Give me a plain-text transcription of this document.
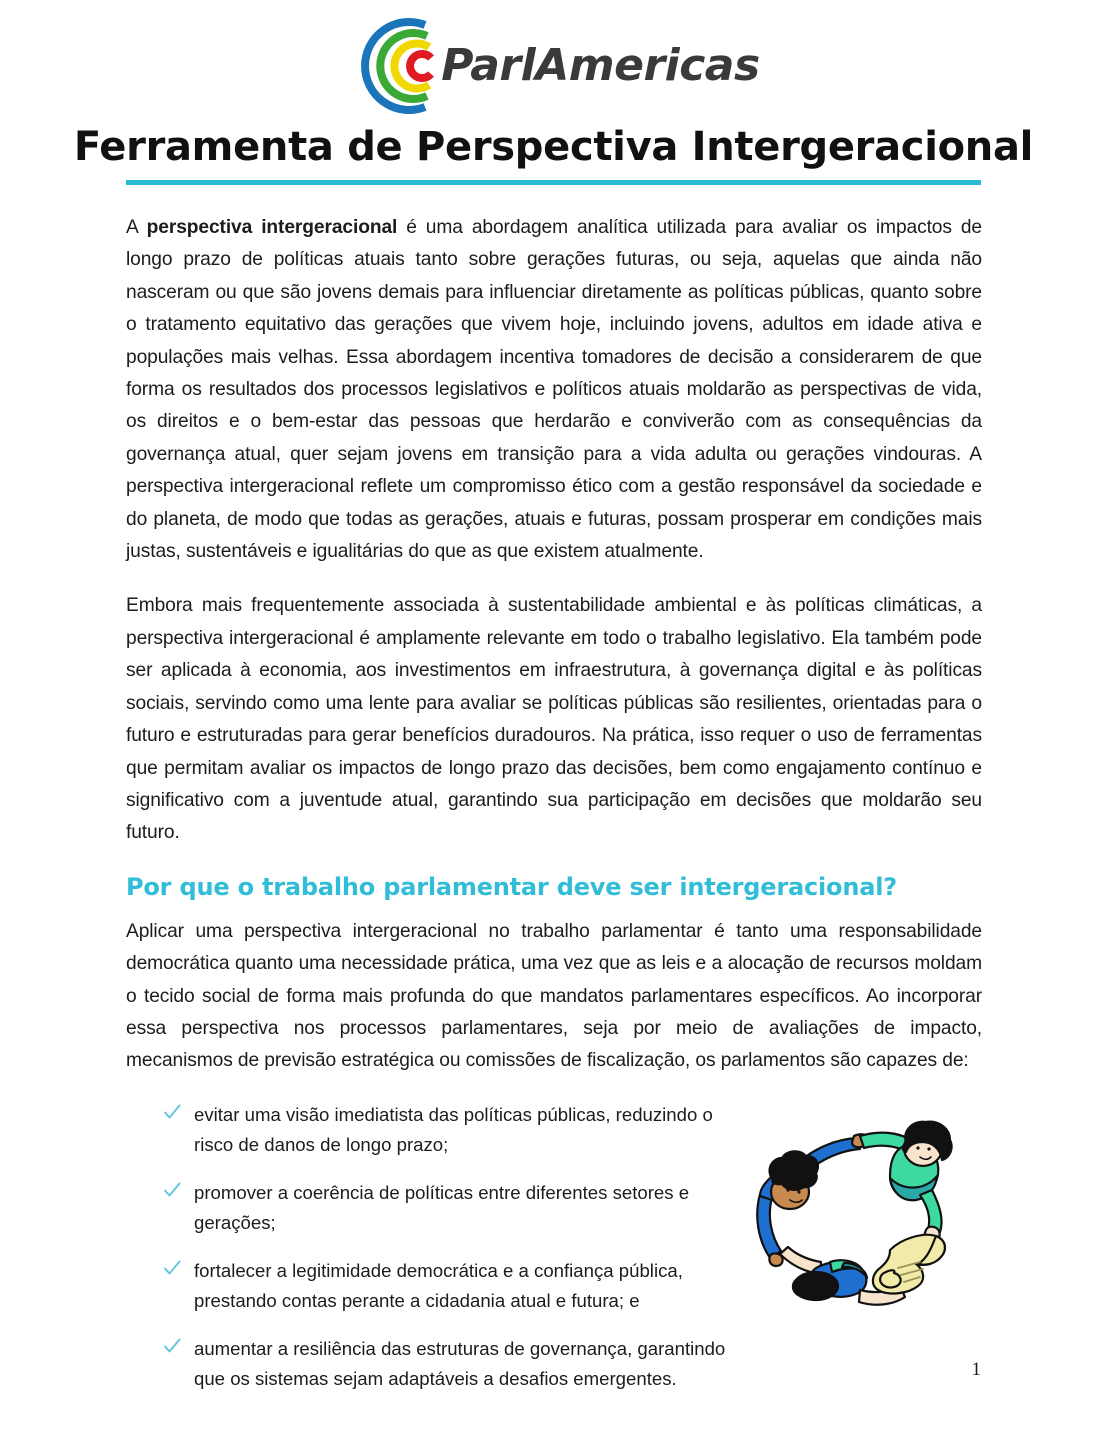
ParlAmericas
Ferramenta de Perspectiva Intergeracional

A perspectiva intergeracional é uma abordagem analítica utilizada para avaliar os impactos de longo prazo de políticas atuais tanto sobre gerações futuras, ou seja, aquelas que ainda não nasceram ou que são jovens demais para influenciar diretamente as políticas públicas, quanto sobre o tratamento equitativo das gerações que vivem hoje, incluindo jovens, adultos em idade ativa e populações mais velhas. Essa abordagem incentiva tomadores de decisão a considerarem de que forma os resultados dos processos legislativos e políticos atuais moldarão as perspectivas de vida, os direitos e o bem-estar das pessoas que herdarão e conviverão com as consequências da governança atual, quer sejam jovens em transição para a vida adulta ou gerações vindouras. A perspectiva intergeracional reflete um compromisso ético com a gestão responsável da sociedade e do planeta, de modo que todas as gerações, atuais e futuras, possam prosperar em condições mais justas, sustentáveis e igualitárias do que as que existem atualmente.

Embora mais frequentemente associada à sustentabilidade ambiental e às políticas climáticas, a perspectiva intergeracional é amplamente relevante em todo o trabalho legislativo. Ela também pode ser aplicada à economia, aos investimentos em infraestrutura, à governança digital e às políticas sociais, servindo como uma lente para avaliar se políticas públicas são resilientes, orientadas para o futuro e estruturadas para gerar benefícios duradouros. Na prática, isso requer o uso de ferramentas que permitam avaliar os impactos de longo prazo das decisões, bem como engajamento contínuo e significativo com a juventude atual, garantindo sua participação em decisões que moldarão seu futuro.

Por que o trabalho parlamentar deve ser intergeracional?

Aplicar uma perspectiva intergeracional no trabalho parlamentar é tanto uma responsabilidade democrática quanto uma necessidade prática, uma vez que as leis e a alocação de recursos moldam o tecido social de forma mais profunda do que mandatos parlamentares específicos. Ao incorporar essa perspectiva nos processos parlamentares, seja por meio de avaliações de impacto, mecanismos de previsão estratégica ou comissões de fiscalização, os parlamentos são capazes de:

evitar uma visão imediatista das políticas públicas, reduzindo o risco de danos de longo prazo;
promover a coerência de políticas entre diferentes setores e gerações;
fortalecer a legitimidade democrática e a confiança pública, prestando contas perante a cidadania atual e futura; e
aumentar a resiliência das estruturas de governança, garantindo que os sistemas sejam adaptáveis a desafios emergentes.	1
